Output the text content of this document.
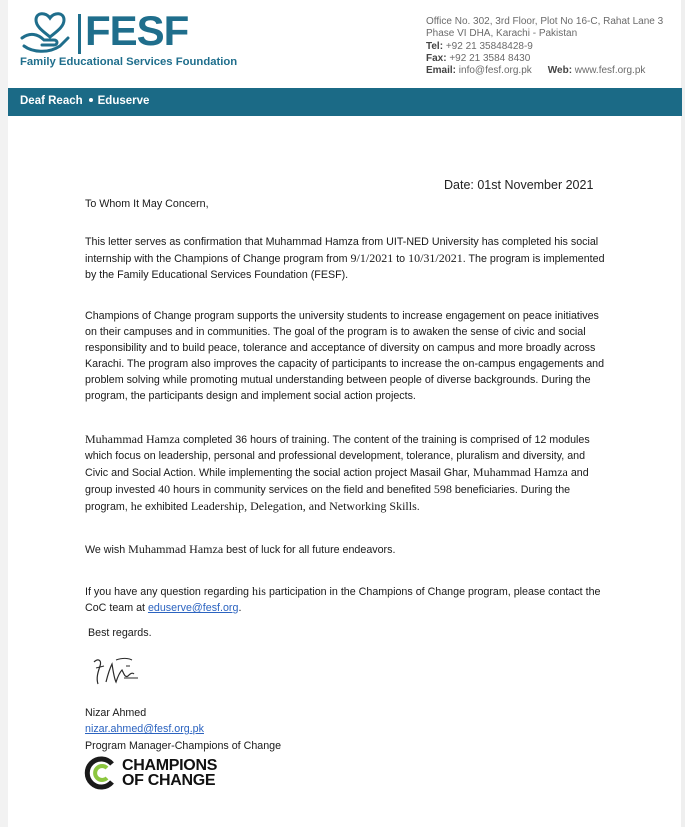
FESF
Family Educational Services Foundation
Office No. 302, 3rd Floor, Plot No 16-C, Rahat Lane 3
Phase VI DHA, Karachi - Pakistan
Tel: +92 21 35848428-9
Fax: +92 21 3584 8430
Email: info@fesf.org.pk Web: www.fesf.org.pk
Deaf Reach Eduserve
Date: 01st November 2021
To Whom It May Concern,
This letter serves as confirmation that Muhammad Hamza from UIT-NED University has completed his social internship with the Champions of Change program from 9/1/2021 to 10/31/2021. The program is implemented by the Family Educational Services Foundation (FESF).
Champions of Change program supports the university students to increase engagement on peace initiatives on their campuses and in communities. The goal of the program is to awaken the sense of civic and social responsibility and to build peace, tolerance and acceptance of diversity on campus and more broadly across Karachi. The program also improves the capacity of participants to increase the on-campus engagements and problem solving while promoting mutual understanding between people of diverse backgrounds. During the program, the participants design and implement social action projects.
Muhammad Hamza completed 36 hours of training. The content of the training is comprised of 12 modules which focus on leadership, personal and professional development, tolerance, pluralism and diversity, and Civic and Social Action. While implementing the social action project Masail Ghar, Muhammad Hamza and group invested 40 hours in community services on the field and benefited 598 beneficiaries. During the program, he exhibited Leadership, Delegation, and Networking Skills.
We wish Muhammad Hamza best of luck for all future endeavors.
If you have any question regarding his participation in the Champions of Change program, please contact the CoC team at eduserve@fesf.org.
Best regards.
Nizar Ahmed
nizar.ahmed@fesf.org.pk
Program Manager-Champions of Change
CHAMPIONS
OF CHANGE
